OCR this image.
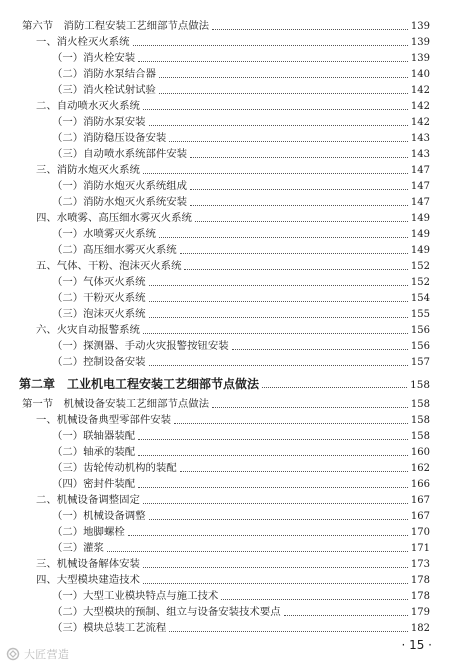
第六节　消防工程安装工艺细部节点做法	139
一、消火栓灭火系统	139
（一）消火栓安装	139
（二）消防水泵结合器	140
（三）消火栓试射试验	142
二、自动喷水灭火系统	142
（一）消防水泵安装	142
（二）消防稳压设备安装	143
（三）自动喷水系统部件安装	143
三、消防水炮灭火系统	147
（一）消防水炮灭火系统组成	147
（二）消防水炮灭火系统安装	147
四、水喷雾、高压细水雾灭火系统	149
（一）水喷雾灭火系统	149
（二）高压细水雾灭火系统	149
五、气体、干粉、泡沫灭火系统	152
（一）气体灭火系统	152
（二）干粉灭火系统	154
（三）泡沫灭火系统	155
六、火灾自动报警系统	156
（一）探测器、手动火灾报警按钮安装	156
（二）控制设备安装	157
第二章　工业机电工程安装工艺细部节点做法	158
第一节　机械设备安装工艺细部节点做法	158
一、机械设备典型零部件安装	158
（一）联轴器装配	158
（二）轴承的装配	160
（三）齿轮传动机构的装配	162
（四）密封件装配	166
二、机械设备调整固定	167
（一）机械设备调整	167
（二）地脚螺栓	170
（三）灌浆	171
三、机械设备解体安装	173
四、大型模块建造技术	178
（一）大型工业模块特点与施工技术	178
（二）大型模块的预制、组立与设备安装技术要点	179
（三）模块总装工艺流程	182
· 15 ·
大匠营造
